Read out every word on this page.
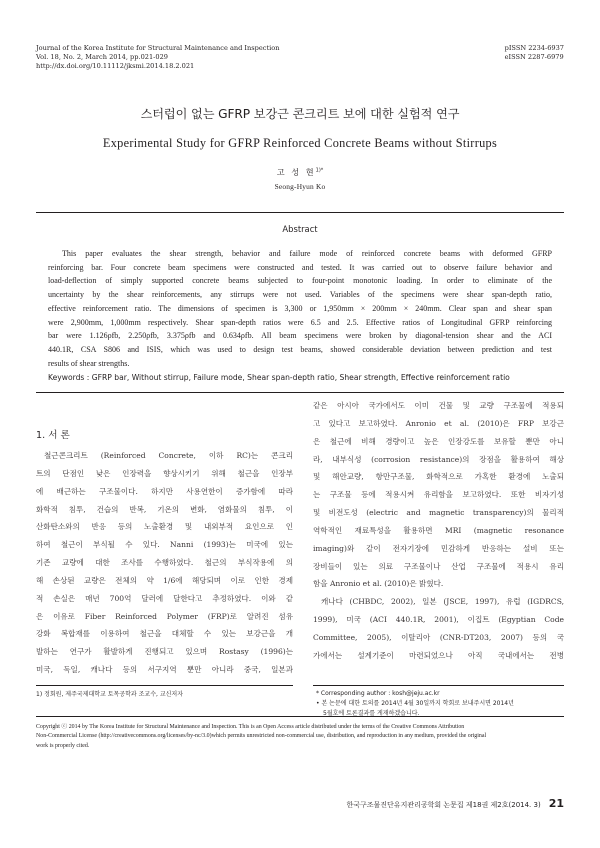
Journal of the Korea Institute for Structural Maintenance and Inspection
Vol. 18, No. 2, March 2014, pp.021-029
http://dx.doi.org/10.11112/jksmi.2014.18.2.021
pISSN 2234-6937
eISSN 2287-6979
스터럽이 없는 GFRP 보강근 콘크리트 보에 대한 실험적 연구
Experimental Study for GFRP Reinforced Concrete Beams without Stirrups
고 성 현$^{1)*}$
Seong-Hyun Ko
Abstract
This paper evaluates the shear strength, behavior and failure mode of reinforced concrete beams with deformed GFRP
reinforcing bar. Four concrete beam specimens were constructed and tested. It was carried out to observe failure behavior and
load-deflection of simply supported concrete beams subjected to four-point monotonic loading. In order to eliminate of the
uncertainty by the shear reinforcements, any stirrups were not used. Variables of the specimens were shear span-depth ratio,
effective reinforcement ratio. The dimensions of specimen is 3,300 or 1,950mm × 200mm × 240mm. Clear span and shear span
were 2,900mm, 1,000mm respectively. Shear span-depth ratios were 6.5 and 2.5. Effective ratios of Longitudinal GFRP reinforcing
bar were 1.126ρfb, 2.250ρfb, 3.375ρfb and 0.634ρfb. All beam specimens were broken by diagonal-tension shear and the ACI
440.1R, CSA S806 and ISIS, which was used to design test beams, showed considerable deviation between prediction and test
results of shear strengths.
Keywords : GFRP bar, Without stirrup, Failure mode, Shear span-depth ratio, Shear strength, Effective reinforcement ratio
1. 서 론
철근콘크리트 (Reinforced Concrete, 이하 RC)는 콘크리
트의 단점인 낮은 인장력을 향상시키기 위해 철근을 인장부
에 배근하는 구조물이다. 하지만 사용연한이 증가함에 따라
화학적 침투, 건습의 반복, 기온의 변화, 염화물의 침투, 이
산화탄소와의 반응 등의 노출환경 및 내외부적 요인으로 인
하여 철근이 부식될 수 있다. Nanni (1993)는 미국에 있는
기존 교량에 대한 조사를 수행하였다. 철근의 부식작용에 의
해 손상된 교량은 전체의 약 1/6에 해당되며 이로 인한 경제
적 손실은 매년 700억 달러에 달한다고 추정하였다. 이와 같
은 이유로 Fiber Reinforced Polymer (FRP)로 알려진 섬유
강화 복합재를 이용하여 철근을 대체할 수 있는 보강근을 개
발하는 연구가 활발하게 진행되고 있으며 Rostasy (1996)는
미국, 독일, 캐나다 등의 서구지역 뿐만 아니라 중국, 일본과
같은 아시아 국가에서도 이미 건물 및 교량 구조물에 적용되
고 있다고 보고하였다. Anronio et al. (2010)은 FRP 보강근
은 철근에 비해 경량이고 높은 인장강도를 보유할 뿐만 아니
라, 내부식성 (corrosion resistance)의 장점을 활용하여 해상
및 해안교량, 항만구조물, 화학적으로 가혹한 환경에 노출되
는 구조물 등에 적용시켜 유리함을 보고하였다. 또한 비자기성
및 비전도성 (electric and magnetic transparency)의 물리적
역학적인 재료특성을 활용하면 MRI (magnetic resonance
imaging)와 같이 전자기장에 민감하게 반응하는 설비 또는
장비들이 있는 의료 구조물이나 산업 구조물에 적용시 유리
함을 Anronio et al. (2010)은 밝혔다.
캐나다 (CHBDC, 2002), 일본 (JSCE, 1997), 유럽 (IGDRCS,
1999), 미국 (ACI 440.1R, 2001), 이집트 (Egyptian Code
Committee, 2005), 이탈리아 (CNR-DT203, 2007) 등의 국
가에서는 설계기준이 마련되었으나 아직 국내에서는 전병
1) 정회원, 제주국제대학교 토목공학과 조교수, 교신저자	* Corresponding author : kosh@jeju.ac.kr
• 본 논문에 대한 토의를 2014년 4월 30일까지 학회로 보내주시면 2014년
5월호에 토론결과를 게재하겠습니다.
Copyright ⓒ 2014 by The Korea Institute for Structural Maintenance and Inspection. This is an Open Access article distributed under the terms of the Creative Commons Attribution
Non-Commercial License (http://creativecommons.org/licenses/by-nc/3.0)which permits unrestricted non-commercial use, distribution, and reproduction in any medium, provided the original
work is properly cited.
한국구조물진단유지관리공학회 논문집 제18권 제2호(2014. 3) 21
